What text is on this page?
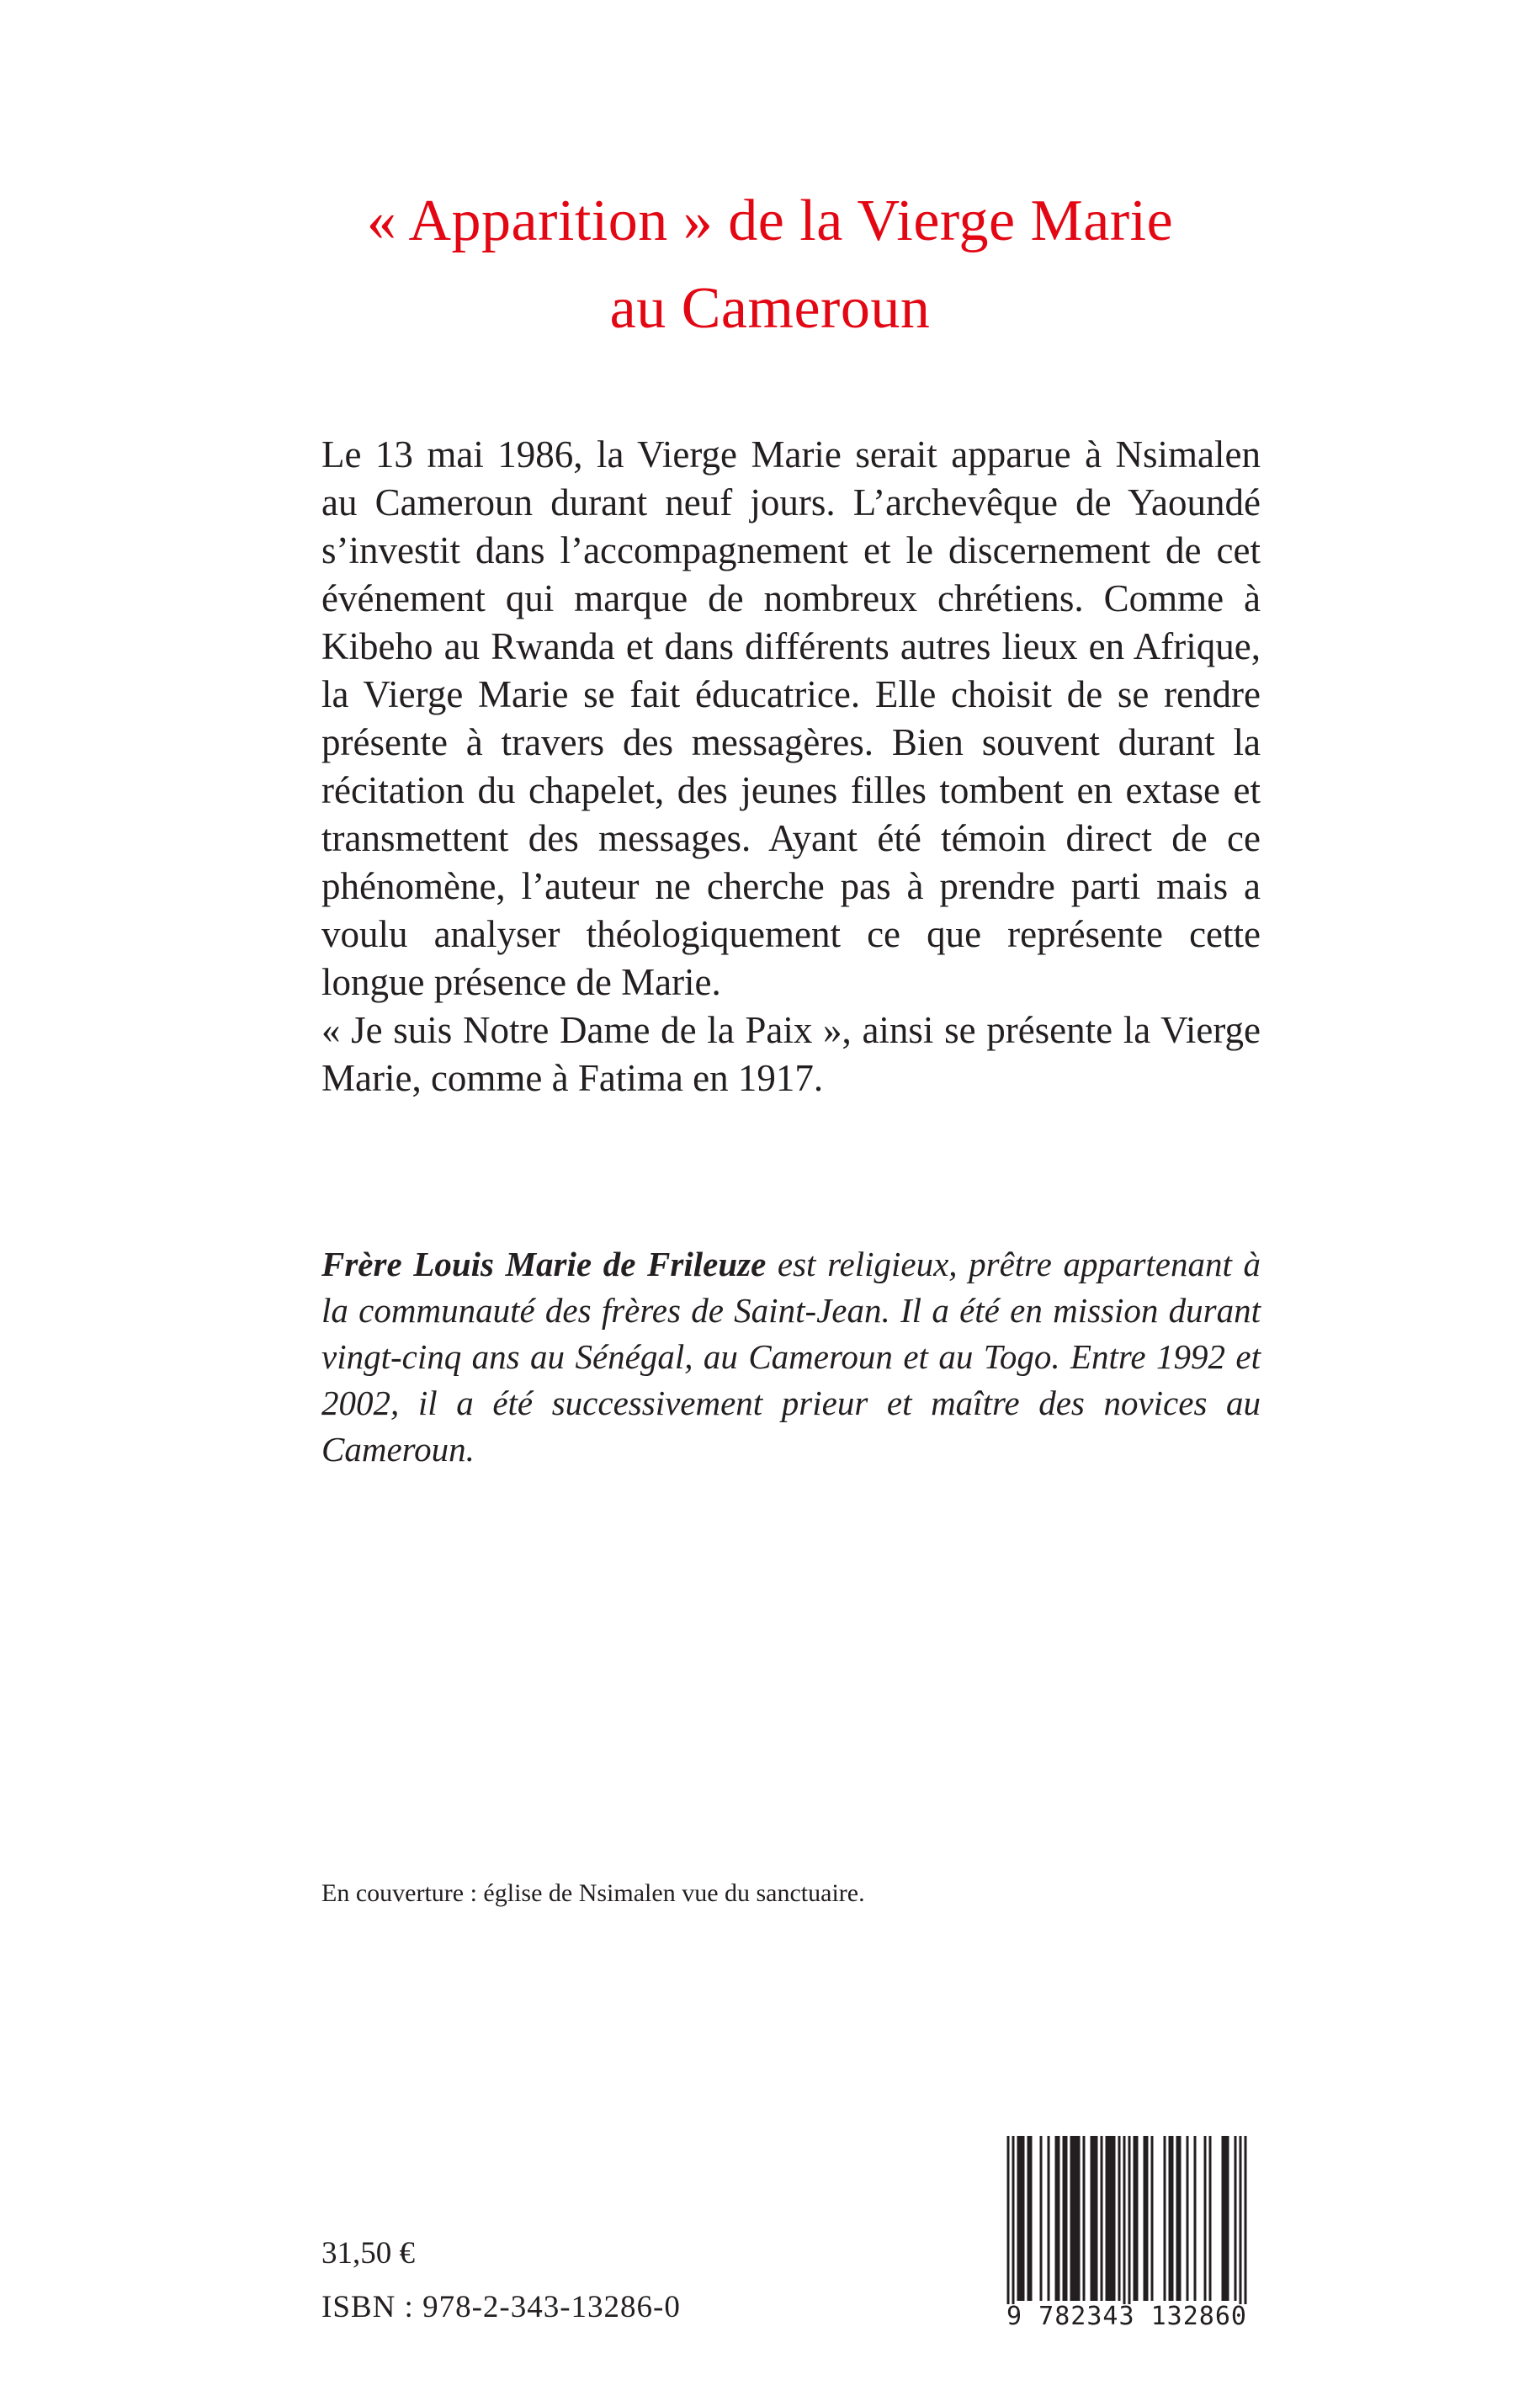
« Apparition » de la Vierge Marie
au Cameroun

Le 13 mai 1986, la Vierge Marie serait apparue à Nsimalen au Cameroun durant neuf jours. L’archevêque de Yaoundé s’investit dans l’accompagnement et le discernement de cet événement qui marque de nombreux chrétiens. Comme à Kibeho au Rwanda et dans différents autres lieux en Afrique, la Vierge Marie se fait éducatrice. Elle choisit de se rendre présente à travers des messagères. Bien souvent durant la récitation du chapelet, des jeunes filles tombent en extase et transmettent des messages. Ayant été témoin direct de ce phénomène, l’auteur ne cherche pas à prendre parti mais a voulu analyser théologiquement ce que représente cette longue présence de Marie.

« Je suis Notre Dame de la Paix », ainsi se présente la Vierge Marie, comme à Fatima en 1917.

Frère Louis Marie de Frileuze est religieux, prêtre appartenant à la communauté des frères de Saint-Jean. Il a été en mission durant vingt-cinq ans au Sénégal, au Cameroun et au Togo. Entre 1992 et 2002, il a été successivement prieur et maître des novices au Cameroun.
En couverture : église de Nsimalen vue du sanctuaire.
31,50 €
ISBN : 978-2-343-13286-0	9 782343 132860
